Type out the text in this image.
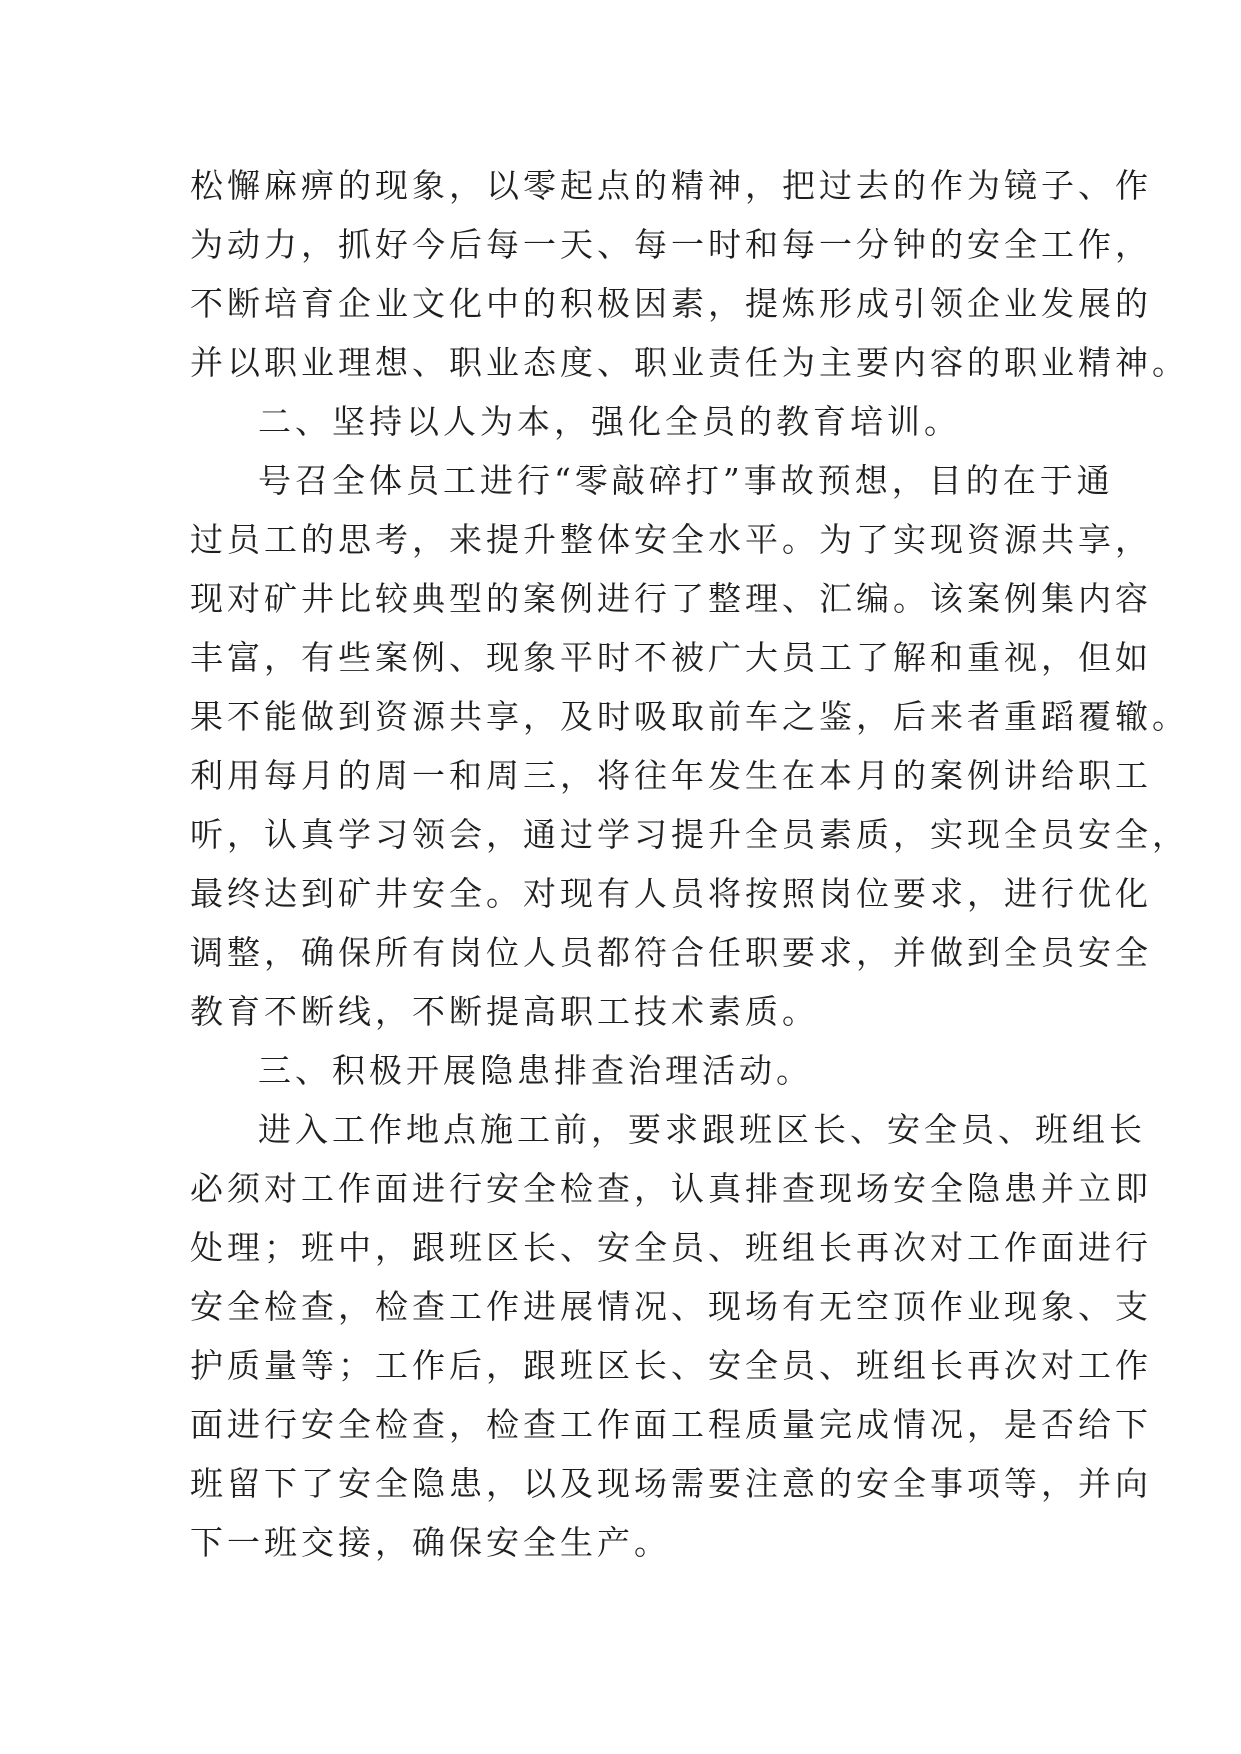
松懈麻痹的现象，以零起点的精神，把过去的作为镜子、作
为动力，抓好今后每一天、每一时和每一分钟的安全工作，
不断培育企业文化中的积极因素，提炼形成引领企业发展的
并以职业理想、职业态度、职业责任为主要内容的职业精神。
二、坚持以人为本，强化全员的教育培训。
号召全体员工进行“零敲碎打”事故预想，目的在于通
过员工的思考，来提升整体安全水平。为了实现资源共享，
现对矿井比较典型的案例进行了整理、汇编。该案例集内容
丰富，有些案例、现象平时不被广大员工了解和重视，但如
果不能做到资源共享，及时吸取前车之鉴，后来者重蹈覆辙。
利用每月的周一和周三，将往年发生在本月的案例讲给职工
听，认真学习领会，通过学习提升全员素质，实现全员安全，
最终达到矿井安全。对现有人员将按照岗位要求，进行优化
调整，确保所有岗位人员都符合任职要求，并做到全员安全
教育不断线，不断提高职工技术素质。
三、积极开展隐患排查治理活动。
进入工作地点施工前，要求跟班区长、安全员、班组长
必须对工作面进行安全检查，认真排查现场安全隐患并立即
处理；班中，跟班区长、安全员、班组长再次对工作面进行
安全检查，检查工作进展情况、现场有无空顶作业现象、支
护质量等；工作后，跟班区长、安全员、班组长再次对工作
面进行安全检查，检查工作面工程质量完成情况，是否给下
班留下了安全隐患，以及现场需要注意的安全事项等，并向
下一班交接，确保安全生产。
